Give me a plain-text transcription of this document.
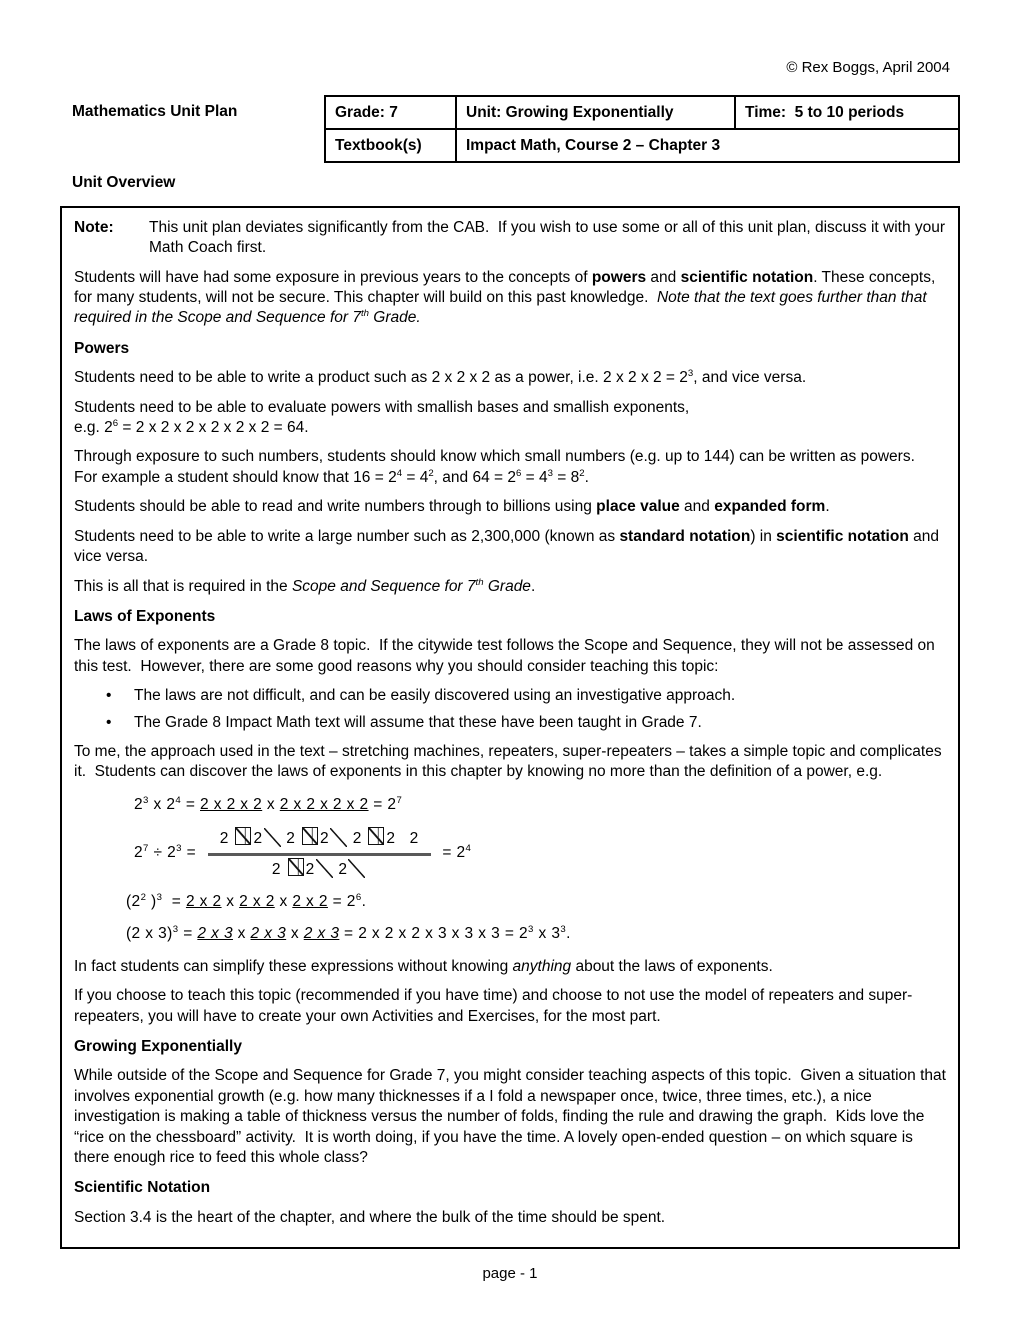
© Rex Boggs, April 2004
Mathematics Unit Plan	Grade: 7	Unit: Growing Exponentially	Time:  5 to 10 periods
Textbook(s)	Impact Math, Course 2 – Chapter 3	
Unit Overview
Note:	This unit plan deviates significantly from the CAB.  If you wish to use some or all of this unit plan, discuss it with your Math Coach first.
Students will have had some exposure in previous years to the concepts of powers and scientific notation. These concepts, for many students, will not be secure. This chapter will build on this past knowledge.  Note that the text goes further than that required in the Scope and Sequence for 7th Grade.
Powers
Students need to be able to write a product such as 2 x 2 x 2 as a power, i.e. 2 x 2 x $2 = 2^3$, and vice versa.
Students need to be able to evaluate powers with smallish bases and smallish exponents,
e.g. $2^6 = 2$ x 2 x 2 x 2 x 2 x 2 = 64.
Through exposure to such numbers, students should know which small numbers (e.g. up to 144) can be written as powers.  For example a student should know that $16 = 2^4 = 4^2$, and $64 = 2^6 = 4^3 = 8^2$.
Students should be able to read and write numbers through to billions using place value and expanded form.
Students need to be able to write a large number such as 2,300,000 (known as standard notation) in scientific notation and vice versa.
This is all that is required in the Scope and Sequence for 7th Grade.
Laws of Exponents
The laws of exponents are a Grade 8 topic.  If the citywide test follows the Scope and Sequence, they will not be assessed on this test.  However, there are some good reasons why you should consider teaching this topic:
•	The laws are not difficult, and can be easily discovered using an investigative approach.
•	The Grade 8 Impact Math text will assume that these have been taught in Grade 7.
To me, the approach used in the text – stretching machines, repeaters, super-repeaters – takes a simple topic and complicates it.  Students can discover the laws of exponents in this chapter by knowing no more than the definition of a power, e.g.
$2^3$ x $2^4 = 2$ x 2 x 2 x 2 x 2 x 2 x $2 = 2^7$
$2^7 \div 2^3 = \frac{2 2 2 2 2 2 2}{2 2 2} = 2^4$
($2^2$ )$^3$  = 2 x 2 x 2 x 2 x 2 x $2 = 2^6$.
(2 x 3)$^3$ = 2 x 3 x 2 x 3 x 2 x 3 = 2 x 2 x 2 x 3 x 3 x $3 = 2^3$ x $3^3$.
In fact students can simplify these expressions without knowing anything about the laws of exponents.
If you choose to teach this topic (recommended if you have time) and choose to not use the model of repeaters and super-repeaters, you will have to create your own Activities and Exercises, for the most part.
Growing Exponentially
While outside of the Scope and Sequence for Grade 7, you might consider teaching aspects of this topic.  Given a situation that involves exponential growth (e.g. how many thicknesses if a I fold a newspaper once, twice, three times, etc.), a nice investigation is making a table of thickness versus the number of folds, finding the rule and drawing the graph.  Kids love the “rice on the chessboard” activity.  It is worth doing, if you have the time. A lovely open-ended question – on which square is there enough rice to feed this whole class?
Scientific Notation
Section 3.4 is the heart of the chapter, and where the bulk of the time should be spent.
page - 1
